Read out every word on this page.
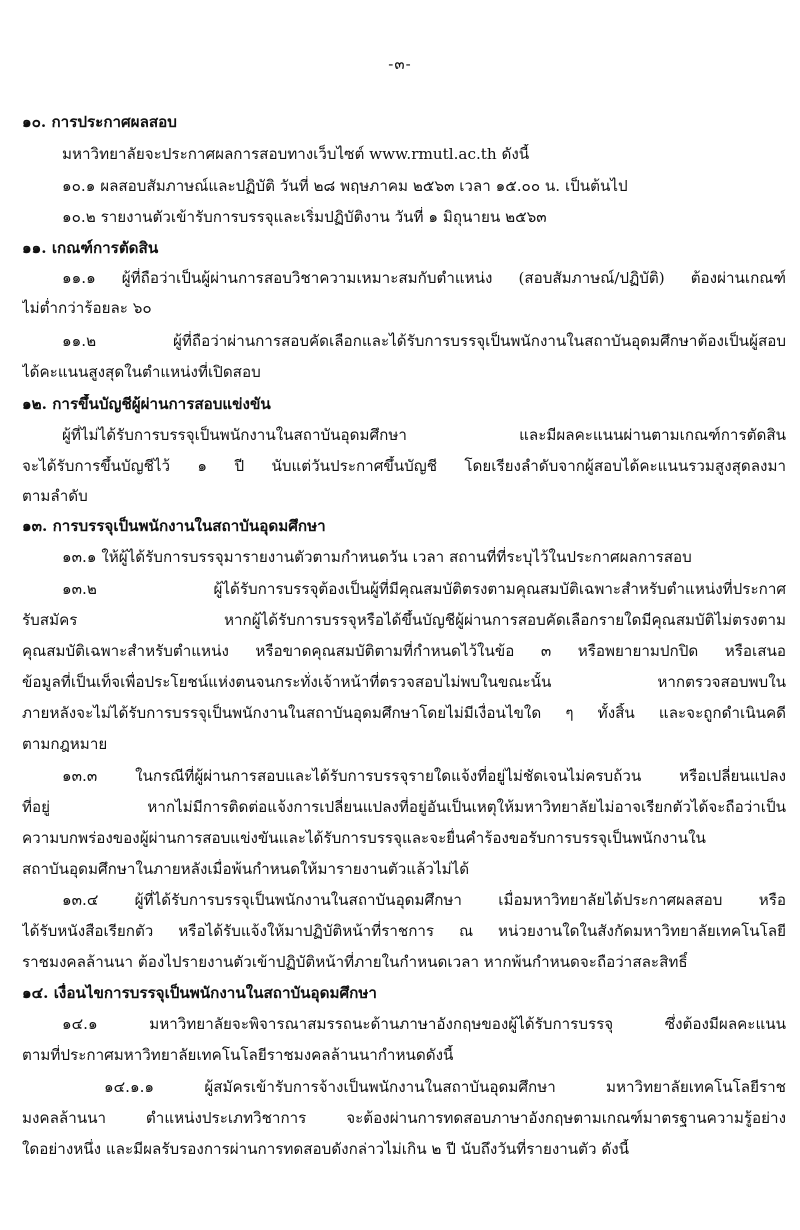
-๓-
๑๐. การประกาศผลสอบ
มหาวิทยาลัยจะประกาศผลการสอบทางเว็บไซต์ www.rmutl.ac.th ดังนี้
๑๐.๑ ผลสอบสัมภาษณ์และปฏิบัติ วันที่ ๒๘ พฤษภาคม ๒๕๖๓ เวลา ๑๕.๐๐ น. เป็นต้นไป
๑๐.๒ รายงานตัวเข้ารับการบรรจุและเริ่มปฏิบัติงาน วันที่ ๑ มิถุนายน ๒๕๖๓
๑๑. เกณฑ์การตัดสิน
๑๑.๑ ผู้ที่ถือว่าเป็นผู้ผ่านการสอบวิชาความเหมาะสมกับตำแหน่ง (สอบสัมภาษณ์/ปฏิบัติ) ต้องผ่านเกณฑ์
ไม่ต่ำกว่าร้อยละ ๖๐
๑๑.๒ ผู้ที่ถือว่าผ่านการสอบคัดเลือกและได้รับการบรรจุเป็นพนักงานในสถาบันอุดมศึกษาต้องเป็นผู้สอบ
ได้คะแนนสูงสุดในตำแหน่งที่เปิดสอบ
๑๒. การขึ้นบัญชีผู้ผ่านการสอบแข่งขัน
ผู้ที่ไม่ได้รับการบรรจุเป็นพนักงานในสถาบันอุดมศึกษา และมีผลคะแนนผ่านตามเกณฑ์การตัดสิน
จะได้รับการขึ้นบัญชีไว้ ๑ ปี นับแต่วันประกาศขึ้นบัญชี โดยเรียงลำดับจากผู้สอบได้คะแนนรวมสูงสุดลงมา
ตามลำดับ
๑๓. การบรรจุเป็นพนักงานในสถาบันอุดมศึกษา
๑๓.๑ ให้ผู้ได้รับการบรรจุมารายงานตัวตามกำหนดวัน เวลา สถานที่ที่ระบุไว้ในประกาศผลการสอบ
๑๓.๒ ผู้ได้รับการบรรจุต้องเป็นผู้ที่มีคุณสมบัติตรงตามคุณสมบัติเฉพาะสำหรับตำแหน่งที่ประกาศ
รับสมัคร หากผู้ได้รับการบรรจุหรือได้ขึ้นบัญชีผู้ผ่านการสอบคัดเลือกรายใดมีคุณสมบัติไม่ตรงตาม
คุณสมบัติเฉพาะสำหรับตำแหน่ง หรือขาดคุณสมบัติตามที่กำหนดไว้ในข้อ ๓ หรือพยายามปกปิด หรือเสนอ
ข้อมูลที่เป็นเท็จเพื่อประโยชน์แห่งตนจนกระทั่งเจ้าหน้าที่ตรวจสอบไม่พบในขณะนั้น หากตรวจสอบพบใน
ภายหลังจะไม่ได้รับการบรรจุเป็นพนักงานในสถาบันอุดมศึกษาโดยไม่มีเงื่อนไขใด ๆ ทั้งสิ้น และจะถูกดำเนินคดี
ตามกฎหมาย
๑๓.๓ ในกรณีที่ผู้ผ่านการสอบและได้รับการบรรจุรายใดแจ้งที่อยู่ไม่ชัดเจนไม่ครบถ้วน หรือเปลี่ยนแปลง
ที่อยู่ หากไม่มีการติดต่อแจ้งการเปลี่ยนแปลงที่อยู่อันเป็นเหตุให้มหาวิทยาลัยไม่อาจเรียกตัวได้จะถือว่าเป็น
ความบกพร่องของผู้ผ่านการสอบแข่งขันและได้รับการบรรจุและจะยื่นคำร้องขอรับการบรรจุเป็นพนักงานใน
สถาบันอุดมศึกษาในภายหลังเมื่อพ้นกำหนดให้มารายงานตัวแล้วไม่ได้
๑๓.๔ ผู้ที่ได้รับการบรรจุเป็นพนักงานในสถาบันอุดมศึกษา เมื่อมหาวิทยาลัยได้ประกาศผลสอบ หรือ
ได้รับหนังสือเรียกตัว หรือได้รับแจ้งให้มาปฏิบัติหน้าที่ราชการ ณ หน่วยงานใดในสังกัดมหาวิทยาลัยเทคโนโลยี
ราชมงคลล้านนา ต้องไปรายงานตัวเข้าปฏิบัติหน้าที่ภายในกำหนดเวลา หากพ้นกำหนดจะถือว่าสละสิทธิ์
๑๔. เงื่อนไขการบรรจุเป็นพนักงานในสถาบันอุดมศึกษา
๑๔.๑ มหาวิทยาลัยจะพิจารณาสมรรถนะด้านภาษาอังกฤษของผู้ได้รับการบรรจุ ซึ่งต้องมีผลคะแนน
ตามที่ประกาศมหาวิทยาลัยเทคโนโลยีราชมงคลล้านนากำหนดดังนี้
๑๔.๑.๑ ผู้สมัครเข้ารับการจ้างเป็นพนักงานในสถาบันอุดมศึกษา มหาวิทยาลัยเทคโนโลยีราช
มงคลล้านนา ตำแหน่งประเภทวิชาการ จะต้องผ่านการทดสอบภาษาอังกฤษตามเกณฑ์มาตรฐานความรู้อย่าง
ใดอย่างหนึ่ง และมีผลรับรองการผ่านการทดสอบดังกล่าวไม่เกิน ๒ ปี นับถึงวันที่รายงานตัว ดังนี้
